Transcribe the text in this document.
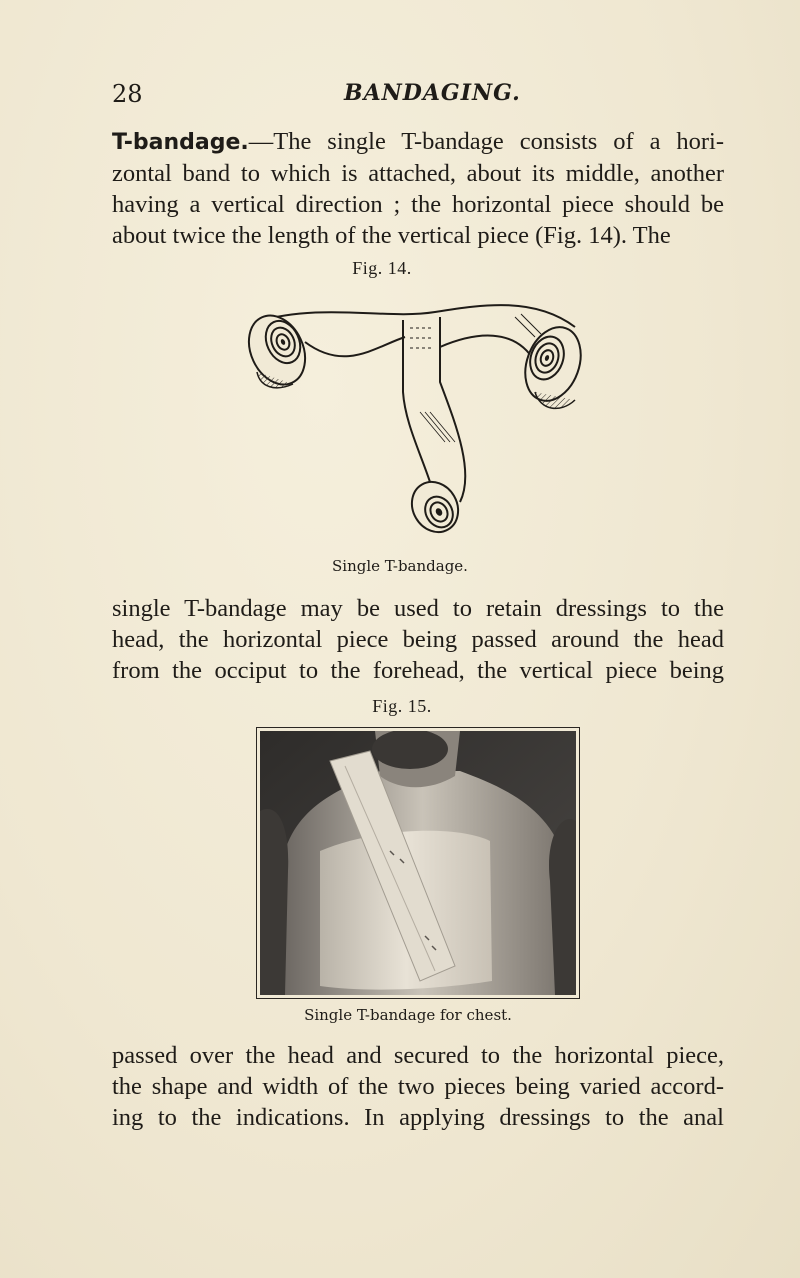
28	BANDAGING.
T-bandage.—The single T-bandage consists of a hori-
zontal band to which is attached, about its middle, another
having a vertical direction ; the horizontal piece should be
about twice the length of the vertical piece (Fig. 14). The
Fig. 14.
Single T-bandage.
single T-bandage may be used to retain dressings to the
head, the horizontal piece being passed around the head
from the occiput to the forehead, the vertical piece being
Fig. 15.
Single T-bandage for chest.
passed over the head and secured to the horizontal piece,
the shape and width of the two pieces being varied accord-
ing to the indications. In applying dressings to the anal
